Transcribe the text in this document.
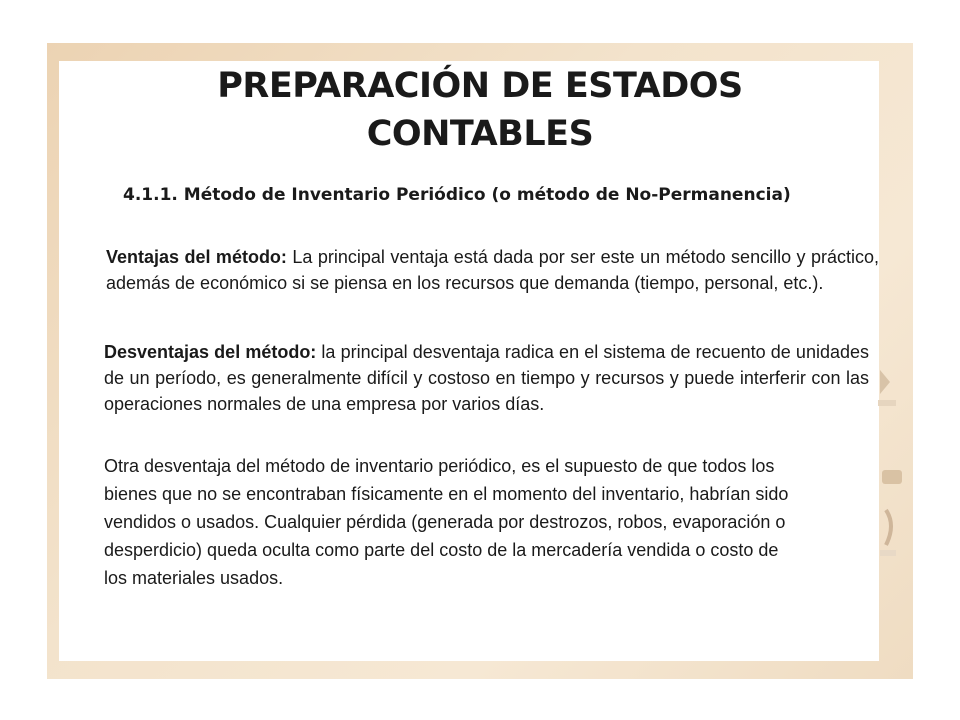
PREPARACIÓN DE ESTADOS CONTABLES
4.1.1. Método de Inventario Periódico (o método de No-Permanencia)
Ventajas del método: La principal ventaja está dada por ser este un método sencillo y práctico, además de económico si se piensa en los recursos que demanda (tiempo, personal, etc.).
Desventajas del método: la principal desventaja radica en el sistema de recuento de unidades de un período, es generalmente difícil y costoso en tiempo y recursos y puede interferir con las operaciones normales de una empresa por varios días.
Otra desventaja del método de inventario periódico, es el supuesto de que todos los bienes que no se encontraban físicamente en el momento del inventario, habrían sido vendidos o usados. Cualquier pérdida (generada por destrozos, robos, evaporación o desperdicio) queda oculta como parte del costo de la mercadería vendida o costo de los materiales usados.
